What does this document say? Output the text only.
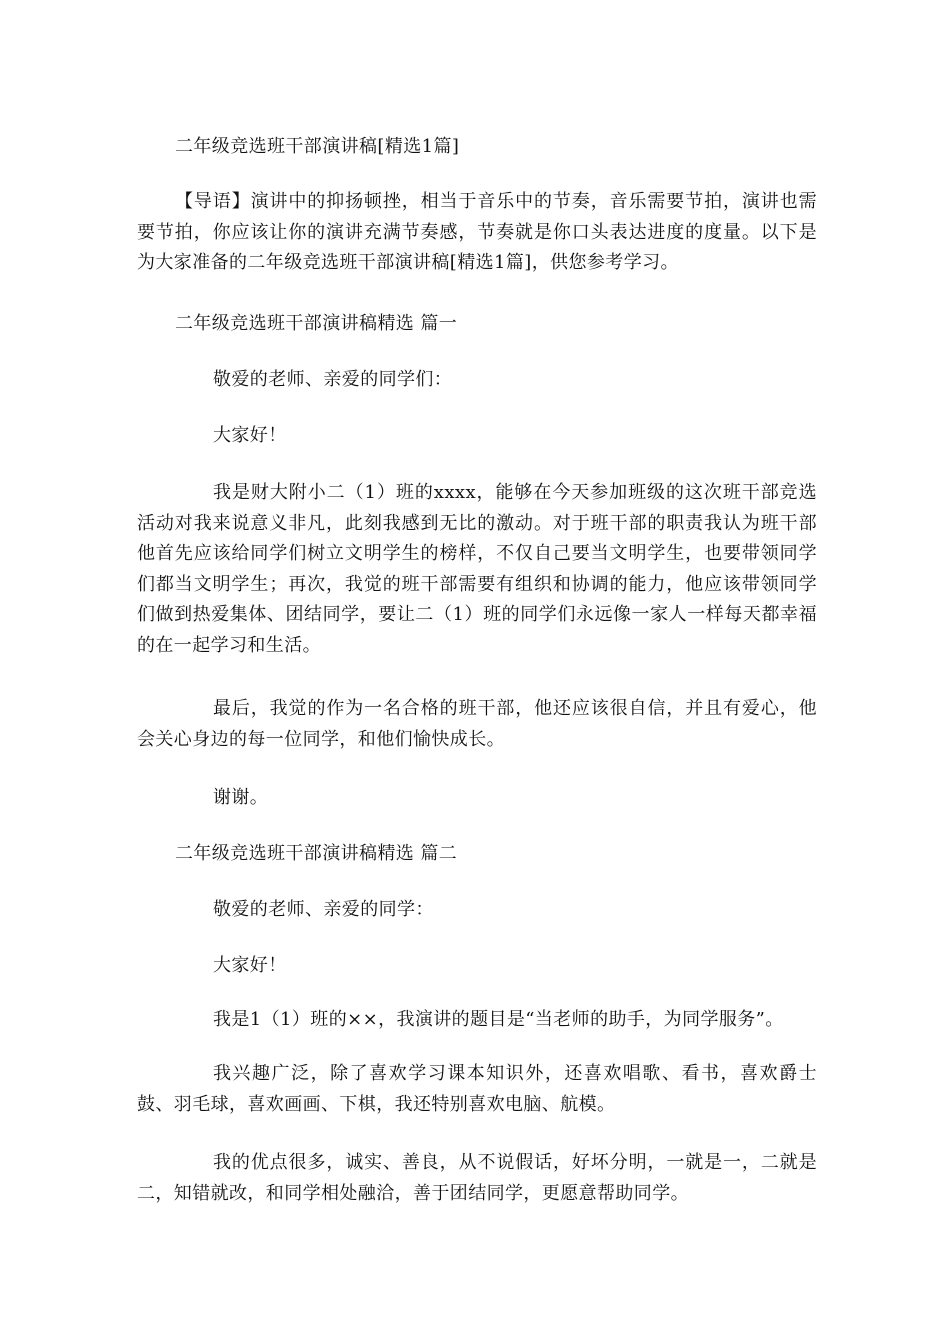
二年级竞选班干部演讲稿[精选1篇]
【导语】演讲中的抑扬顿挫，相当于音乐中的节奏，音乐需要节拍，演讲也需要节拍，你应该让你的演讲充满节奏感，节奏就是你口头表达进度的度量。以下是为大家准备的二年级竞选班干部演讲稿[精选1篇]，供您参考学习。
二年级竞选班干部演讲稿精选 篇一
敬爱的老师、亲爱的同学们：
大家好！
我是财大附小二（1）班的xxxx，能够在今天参加班级的这次班干部竞选活动对我来说意义非凡，此刻我感到无比的激动。对于班干部的职责我认为班干部他首先应该给同学们树立文明学生的榜样，不仅自己要当文明学生，也要带领同学们都当文明学生；再次，我觉的班干部需要有组织和协调的能力，他应该带领同学们做到热爱集体、团结同学，要让二（1）班的同学们永远像一家人一样每天都幸福的在一起学习和生活。
最后，我觉的作为一名合格的班干部，他还应该很自信，并且有爱心，他会关心身边的每一位同学，和他们愉快成长。
谢谢。
二年级竞选班干部演讲稿精选 篇二
敬爱的老师、亲爱的同学：
大家好！
我是1（1）班的××，我演讲的题目是“当老师的助手，为同学服务”。
我兴趣广泛，除了喜欢学习课本知识外，还喜欢唱歌、看书，喜欢爵士鼓、羽毛球，喜欢画画、下棋，我还特别喜欢电脑、航模。
我的优点很多，诚实、善良，从不说假话，好坏分明，一就是一，二就是二，知错就改，和同学相处融洽，善于团结同学，更愿意帮助同学。
